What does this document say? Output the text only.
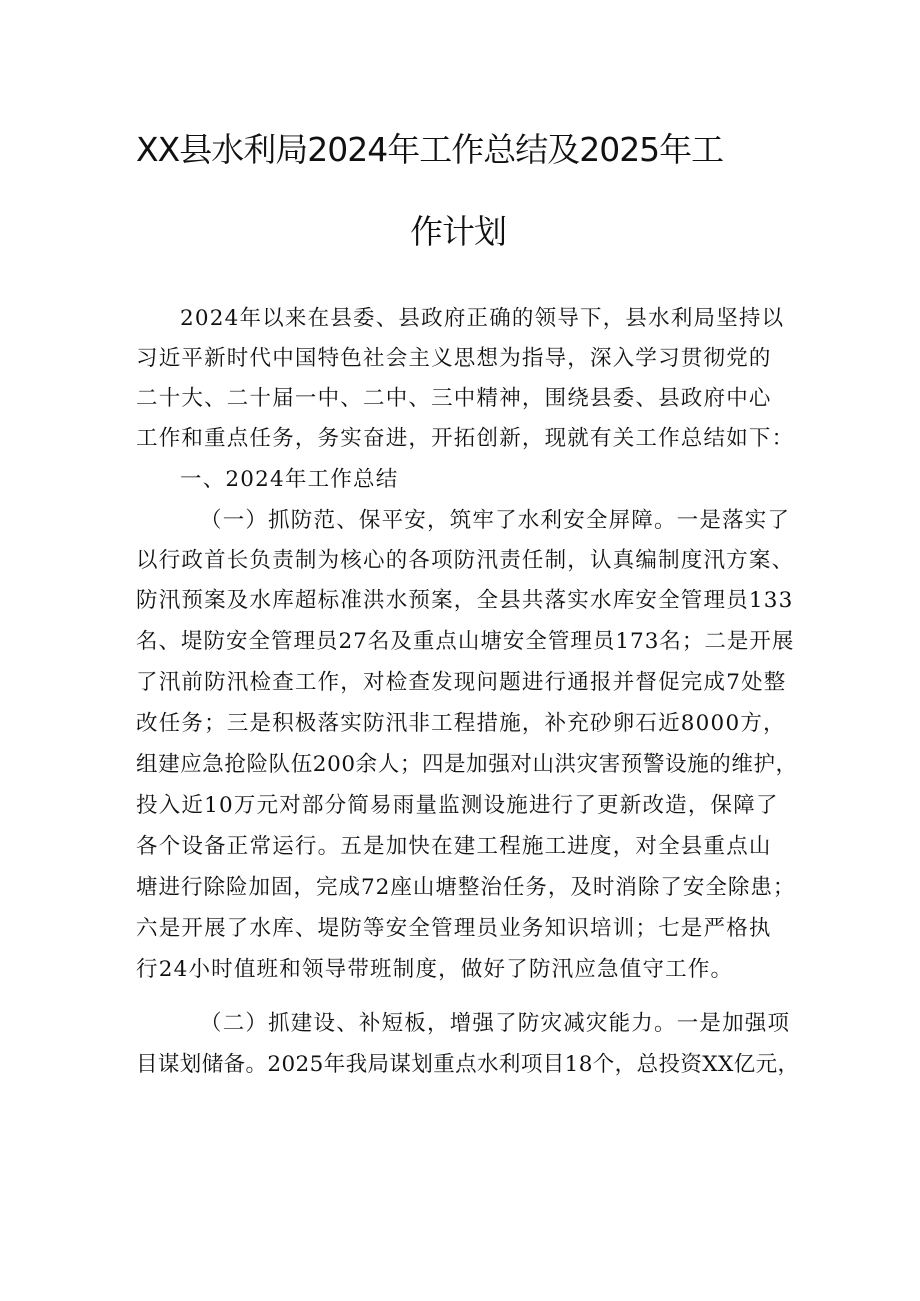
XX县水利局2024年工作总结及2025年工
作计划
2024年以来在县委、县政府正确的领导下，县水利局坚持以
习近平新时代中国特色社会主义思想为指导，深入学习贯彻党的
二十大、二十届一中、二中、三中精神，围绕县委、县政府中心
工作和重点任务，务实奋进，开拓创新，现就有关工作总结如下：
一、2024年工作总结
（一）抓防范、保平安，筑牢了水利安全屏障。一是落实了
以行政首长负责制为核心的各项防汛责任制，认真编制度汛方案、
防汛预案及水库超标准洪水预案，全县共落实水库安全管理员133
名、堤防安全管理员27名及重点山塘安全管理员173名；二是开展
了汛前防汛检查工作，对检查发现问题进行通报并督促完成7处整
改任务；三是积极落实防汛非工程措施，补充砂卵石近8000方，
组建应急抢险队伍200余人；四是加强对山洪灾害预警设施的维护，
投入近10万元对部分简易雨量监测设施进行了更新改造，保障了
各个设备正常运行。五是加快在建工程施工进度，对全县重点山
塘进行除险加固，完成72座山塘整治任务，及时消除了安全除患；
六是开展了水库、堤防等安全管理员业务知识培训；七是严格执
行24小时值班和领导带班制度，做好了防汛应急值守工作。
（二）抓建设、补短板，增强了防灾减灾能力。一是加强项
目谋划储备。2025年我局谋划重点水利项目18个，总投资XX亿元，
